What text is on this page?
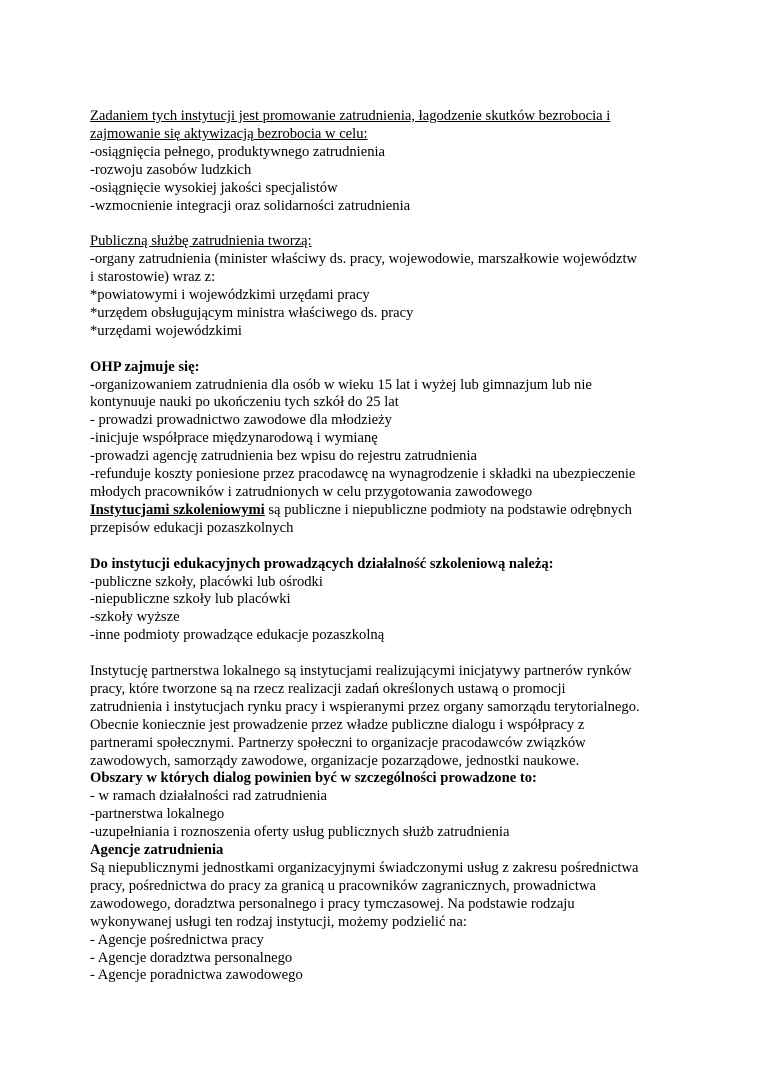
Zadaniem tych instytucji jest promowanie zatrudnienia, łagodzenie skutków bezrobocia i

zajmowanie się aktywizacją bezrobocia w celu:

-osiągnięcia pełnego, produktywnego zatrudnienia

-rozwoju zasobów ludzkich

-osiągnięcie wysokiej jakości specjalistów

-wzmocnienie integracji oraz solidarności zatrudnienia

Publiczną służbę zatrudnienia tworzą:

-organy zatrudnienia (minister właściwy ds. pracy, wojewodowie, marszałkowie województw

i starostowie) wraz z:

*powiatowymi i wojewódzkimi urzędami pracy

*urzędem obsługującym ministra właściwego ds. pracy

*urzędami wojewódzkimi

OHP zajmuje się:

-organizowaniem zatrudnienia dla osób w wieku 15 lat i wyżej lub gimnazjum lub nie

kontynuuje nauki po ukończeniu tych szkół do 25 lat

- prowadzi prowadnictwo zawodowe dla młodzieży

-inicjuje współprace międzynarodową i wymianę

-prowadzi agencję zatrudnienia bez wpisu do rejestru zatrudnienia

-refunduje koszty poniesione przez pracodawcę na wynagrodzenie i składki na ubezpieczenie

młodych pracowników i zatrudnionych w celu przygotowania zawodowego

Instytucjami szkoleniowymi są publiczne i niepubliczne podmioty na podstawie odrębnych

przepisów edukacji pozaszkolnych

Do instytucji edukacyjnych prowadzących działalność szkoleniową należą:

-publiczne szkoły, placówki lub ośrodki

-niepubliczne szkoły lub placówki

-szkoły wyższe

-inne podmioty prowadzące edukacje pozaszkolną

Instytucję partnerstwa lokalnego są instytucjami realizującymi inicjatywy partnerów rynków

pracy, które tworzone są na rzecz realizacji zadań określonych ustawą o promocji

zatrudnienia i instytucjach rynku pracy i wspieranymi przez organy samorządu terytorialnego.

Obecnie koniecznie jest prowadzenie przez władze publiczne dialogu i współpracy z

partnerami społecznymi. Partnerzy społeczni to organizacje pracodawców związków

zawodowych, samorządy zawodowe, organizacje pozarządowe, jednostki naukowe.

Obszary w których dialog powinien być w szczególności prowadzone to:

- w ramach działalności rad zatrudnienia

-partnerstwa lokalnego

-uzupełniania i roznoszenia oferty usług publicznych służb zatrudnienia

Agencje zatrudnienia

Są niepublicznymi jednostkami organizacyjnymi świadczonymi usług z zakresu pośrednictwa

pracy, pośrednictwa do pracy za granicą u pracowników zagranicznych, prowadnictwa

zawodowego, doradztwa personalnego i pracy tymczasowej. Na podstawie rodzaju

wykonywanej usługi ten rodzaj instytucji, możemy podzielić na:

- Agencje pośrednictwa pracy

- Agencje doradztwa personalnego

- Agencje poradnictwa zawodowego
